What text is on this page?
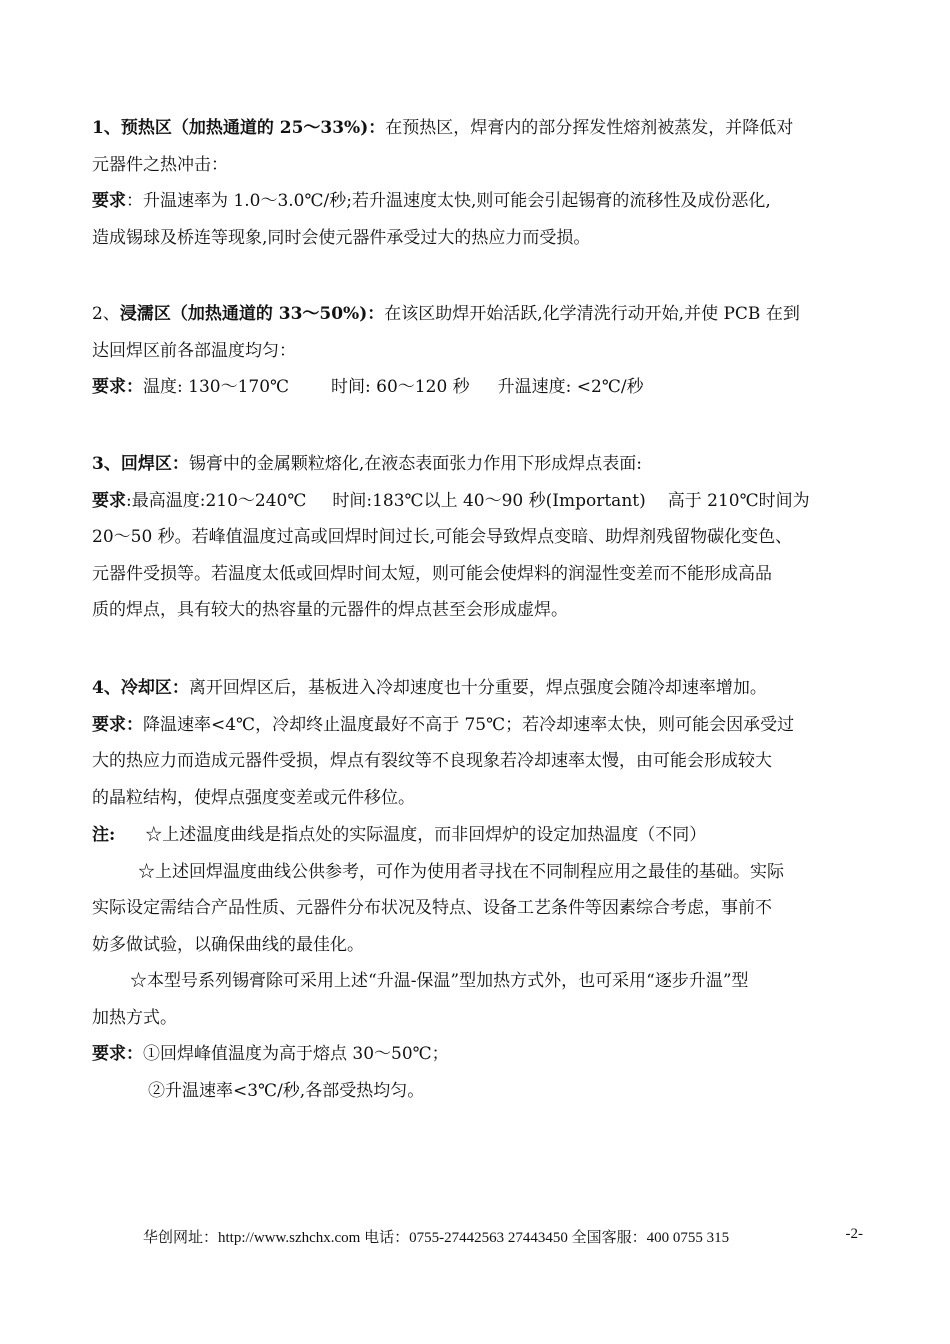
1、预热区（加热通道的 25～33%)：在预热区，焊膏内的部分挥发性熔剂被蒸发，并降低对
元器件之热冲击：
要求：升温速率为 1.0～3.0℃/秒;若升温速度太快,则可能会引起锡膏的流移性及成份恶化,
造成锡球及桥连等现象,同时会使元器件承受过大的热应力而受损。
2、浸濡区（加热通道的 33～50%)：在该区助焊开始活跃,化学清洗行动开始,并使 PCB 在到
达回焊区前各部温度均匀：
要求：温度: 130～170℃ 时间: 60～120 秒 升温速度: <2℃/秒
3、回焊区：锡膏中的金属颗粒熔化,在液态表面张力作用下形成焊点表面:
要求:最高温度:210～240℃ 时间:183℃以上 40～90 秒(Important) 高于 210℃时间为
20～50 秒。若峰值温度过高或回焊时间过长,可能会导致焊点变暗、助焊剂残留物碳化变色、
元器件受损等。若温度太低或回焊时间太短，则可能会使焊料的润湿性变差而不能形成高品
质的焊点，具有较大的热容量的元器件的焊点甚至会形成虚焊。
4、冷却区：离开回焊区后，基板进入冷却速度也十分重要，焊点强度会随冷却速率增加。
要求：降温速率<4℃，冷却终止温度最好不高于 75℃；若冷却速率太快，则可能会因承受过
大的热应力而造成元器件受损，焊点有裂纹等不良现象若冷却速率太慢，由可能会形成较大
的晶粒结构，使焊点强度变差或元件移位。
注: ☆上述温度曲线是指点处的实际温度，而非回焊炉的设定加热温度（不同）
☆上述回焊温度曲线公供参考，可作为使用者寻找在不同制程应用之最佳的基础。实际
实际设定需结合产品性质、元器件分布状况及特点、设备工艺条件等因素综合考虑，事前不
妨多做试验，以确保曲线的最佳化。
☆本型号系列锡膏除可采用上述“升温-保温”型加热方式外，也可采用“逐步升温”型
加热方式。
要求：①回焊峰值温度为高于熔点 30～50℃；
②升温速率<3℃/秒,各部受热均匀。
华创网址：http://www.szhchx.com 电话：0755-27442563 27443450 全国客服：400 0755 315	-2-
